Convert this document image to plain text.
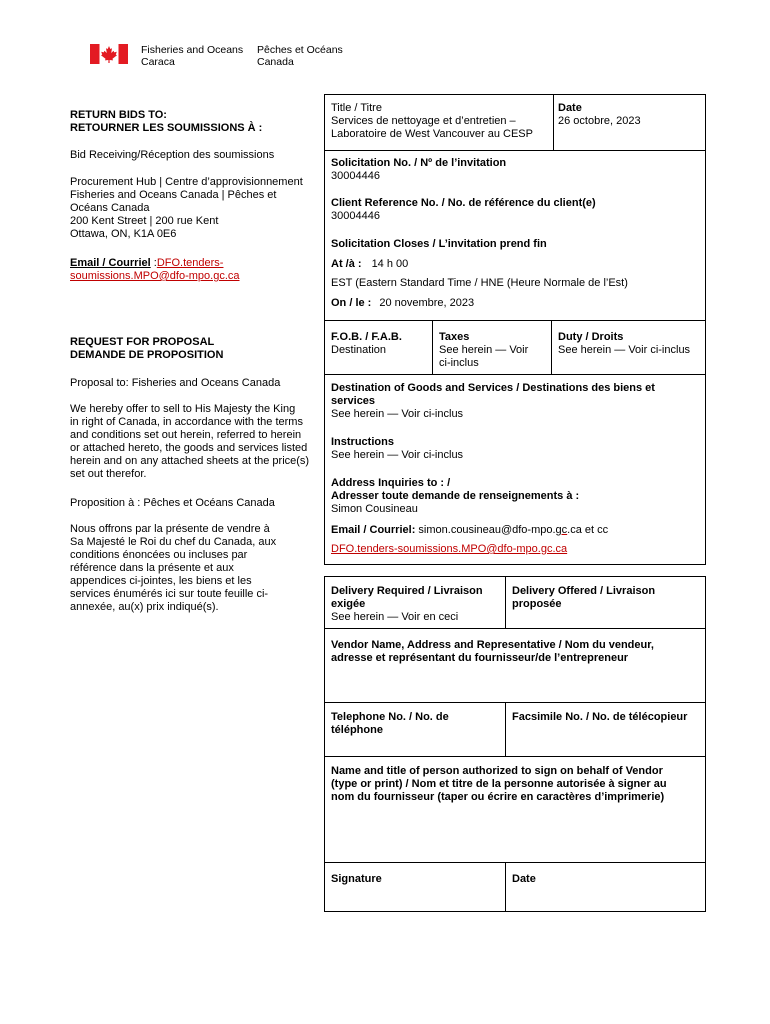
Fisheries and Oceans

Caraca

Pêches et Océans

Canada

RETURN BIDS TO:

RETOURNER LES SOUMISSIONS À :

Bid Receiving/Réception des soumissions

Procurement Hub | Centre d’approvisionnement

Fisheries and Oceans Canada | Pêches et

Océans Canada

200 Kent Street | 200 rue Kent

Ottawa, ON, K1A 0E6

Email / Courriel :DFO.tenders-

soumissions.MPO@dfo-mpo.gc.ca

REQUEST FOR PROPOSAL

DEMANDE DE PROPOSITION

Proposal to: Fisheries and Oceans Canada

We hereby offer to sell to His Majesty the King

in right of Canada, in accordance with the terms

and conditions set out herein, referred to herein

or attached hereto, the goods and services listed

herein and on any attached sheets at the price(s)

set out therefor.

Proposition à : Pêches et Océans Canada

Nous offrons par la présente de vendre à

Sa Majesté le Roi du chef du Canada, aux

conditions énoncées ou incluses par

référence dans la présente et aux

appendices ci-jointes, les biens et les

services énumérés ici sur toute feuille ci-

annexée, au(x) prix indiqué(s).

Title / Titre

Services de nettoyage et d’entretien –

Laboratoire de West Vancouver au CESP

Date

26 octobre, 2023

Solicitation No. / Nº de l’invitation

30004446

Client Reference No. / No. de référence du client(e)

30004446

Solicitation Closes / L’invitation prend fin

At /à : 14 h 00

EST (Eastern Standard Time / HNE (Heure Normale de l’Est)

On / le : 20 novembre, 2023

F.O.B. / F.A.B.

Destination

Taxes

See herein — Voir

ci-inclus

Duty / Droits

See herein — Voir ci-inclus

Destination of Goods and Services / Destinations des biens et

services

See herein — Voir ci-inclus

Instructions

See herein — Voir ci-inclus

Address Inquiries to : /

Adresser toute demande de renseignements à :

Simon Cousineau

Email / Courriel: simon.cousineau@dfo-mpo.gc.ca et cc

DFO.tenders-soumissions.MPO@dfo-mpo.gc.ca

Delivery Required / Livraison

exigée

See herein — Voir en ceci

Delivery Offered / Livraison

proposée

Vendor Name, Address and Representative / Nom du vendeur,

adresse et représentant du fournisseur/de l’entrepreneur

Telephone No. / No. de

téléphone

Facsimile No. / No. de télécopieur

Name and title of person authorized to sign on behalf of Vendor

(type or print) / Nom et titre de la personne autorisée à signer au

nom du fournisseur (taper ou écrire en caractères d’imprimerie)

Signature	Date
